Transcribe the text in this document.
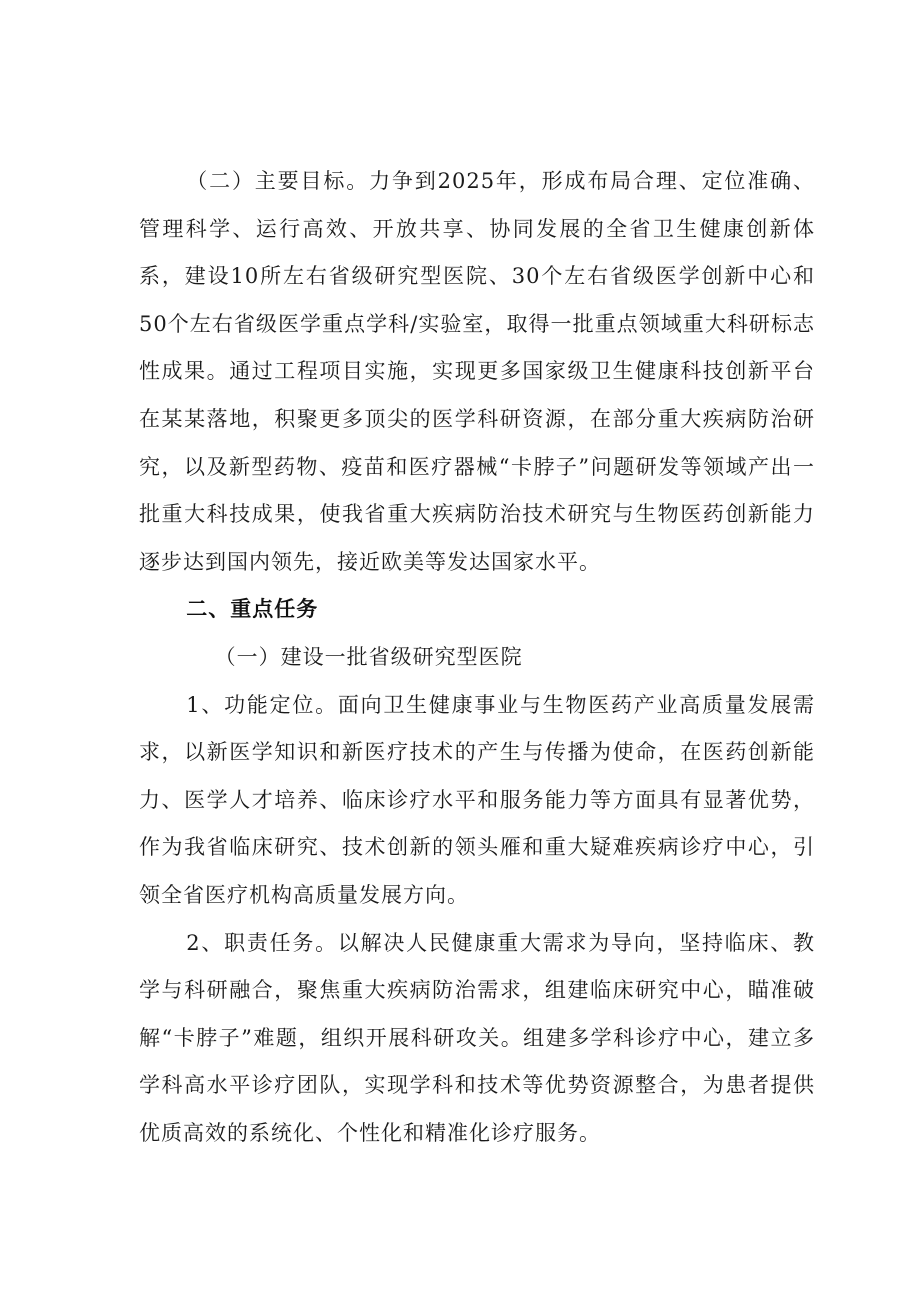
（二）主要目标。力争到2025年，形成布局合理、定位准确、管理科学、运行高效、开放共享、协同发展的全省卫生健康创新体系，建设10所左右省级研究型医院、30个左右省级医学创新中心和50个左右省级医学重点学科/实验室，取得一批重点领域重大科研标志性成果。通过工程项目实施，实现更多国家级卫生健康科技创新平台在某某落地，积聚更多顶尖的医学科研资源，在部分重大疾病防治研究，以及新型药物、疫苗和医疗器械“卡脖子”问题研发等领域产出一批重大科技成果，使我省重大疾病防治技术研究与生物医药创新能力逐步达到国内领先，接近欧美等发达国家水平。

二、重点任务

（一）建设一批省级研究型医院

1、功能定位。面向卫生健康事业与生物医药产业高质量发展需求，以新医学知识和新医疗技术的产生与传播为使命，在医药创新能力、医学人才培养、临床诊疗水平和服务能力等方面具有显著优势，作为我省临床研究、技术创新的领头雁和重大疑难疾病诊疗中心，引领全省医疗机构高质量发展方向。

2、职责任务。以解决人民健康重大需求为导向，坚持临床、教学与科研融合，聚焦重大疾病防治需求，组建临床研究中心，瞄准破解“卡脖子”难题，组织开展科研攻关。组建多学科诊疗中心，建立多学科高水平诊疗团队，实现学科和技术等优势资源整合，为患者提供优质高效的系统化、个性化和精准化诊疗服务。
